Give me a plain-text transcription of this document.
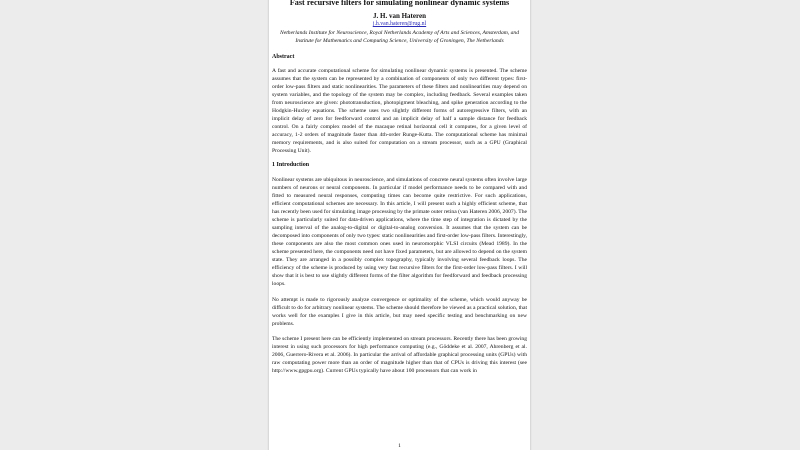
Fast recursive filters for simulating nonlinear dynamic systems

J. H. van Hateren

j.h.van.hateren@rug.nl

Netherlands Institute for Neuroscience, Royal Netherlands Academy of Arts and Sciences, Amsterdam, and Institute for Mathematics and Computing Science, University of Groningen, The Netherlands

Abstract

A fast and accurate computational scheme for simulating nonlinear dynamic systems is presented. The scheme assumes that the system can be represented by a combination of components of only two different types: first-order low-pass filters and static nonlinearities. The parameters of these filters and nonlinearities may depend on system variables, and the topology of the system may be complex, including feedback. Several examples taken from neuroscience are given: phototransduction, photopigment bleaching, and spike generation according to the Hodgkin-Huxley equations. The scheme uses two slightly different forms of autoregressive filters, with an implicit delay of zero for feedforward control and an implicit delay of half a sample distance for feedback control. On a fairly complex model of the macaque retinal horizontal cell it computes, for a given level of accuracy, 1-2 orders of magnitude faster than 4th-order Runge-Kutta. The computational scheme has minimal memory requirements, and is also suited for computation on a stream processor, such as a GPU (Graphical Processing Unit).

1 Introduction

Nonlinear systems are ubiquitous in neuroscience, and simulations of concrete neural systems often involve large numbers of neurons or neural components. In particular if model performance needs to be compared with and fitted to measured neural responses, computing times can become quite restrictive. For such applications, efficient computational schemes are necessary. In this article, I will present such a highly efficient scheme, that has recently been used for simulating image processing by the primate outer retina (van Hateren 2006, 2007). The scheme is particularly suited for data-driven applications, where the time step of integration is dictated by the sampling interval of the analog-to-digital or digital-to-analog conversion. It assumes that the system can be decomposed into components of only two types: static nonlinearities and first-order low-pass filters. Interestingly, these components are also the most common ones used in neuromorphic VLSI circuits (Mead 1989). In the scheme presented here, the components need not have fixed parameters, but are allowed to depend on the system state. They are arranged in a possibly complex topography, typically involving several feedback loops. The efficiency of the scheme is produced by using very fast recursive filters for the first-order low-pass filters. I will show that it is best to use slightly different forms of the filter algorithm for feedforward and feedback processing loops.

No attempt is made to rigorously analyze convergence or optimality of the scheme, which would anyway be difficult to do for arbitrary nonlinear systems. The scheme should therefore be viewed as a practical solution, that works well for the examples I give in this article, but may need specific testing and benchmarking on new problems.

The scheme I present here can be efficiently implemented on stream processors. Recently there has been growing interest in using such processors for high performance computing (e.g., Göddeke et al. 2007, Ahrenberg et al. 2006, Guerrero-Rivera et al. 2006). In particular the arrival of affordable graphical processing units (GPUs) with raw computating power more than an order of magnitude higher than that of CPUs is driving this interest (see http://www.gpgpu.org). Current GPUs typically have about 100 processors that can work in

1
